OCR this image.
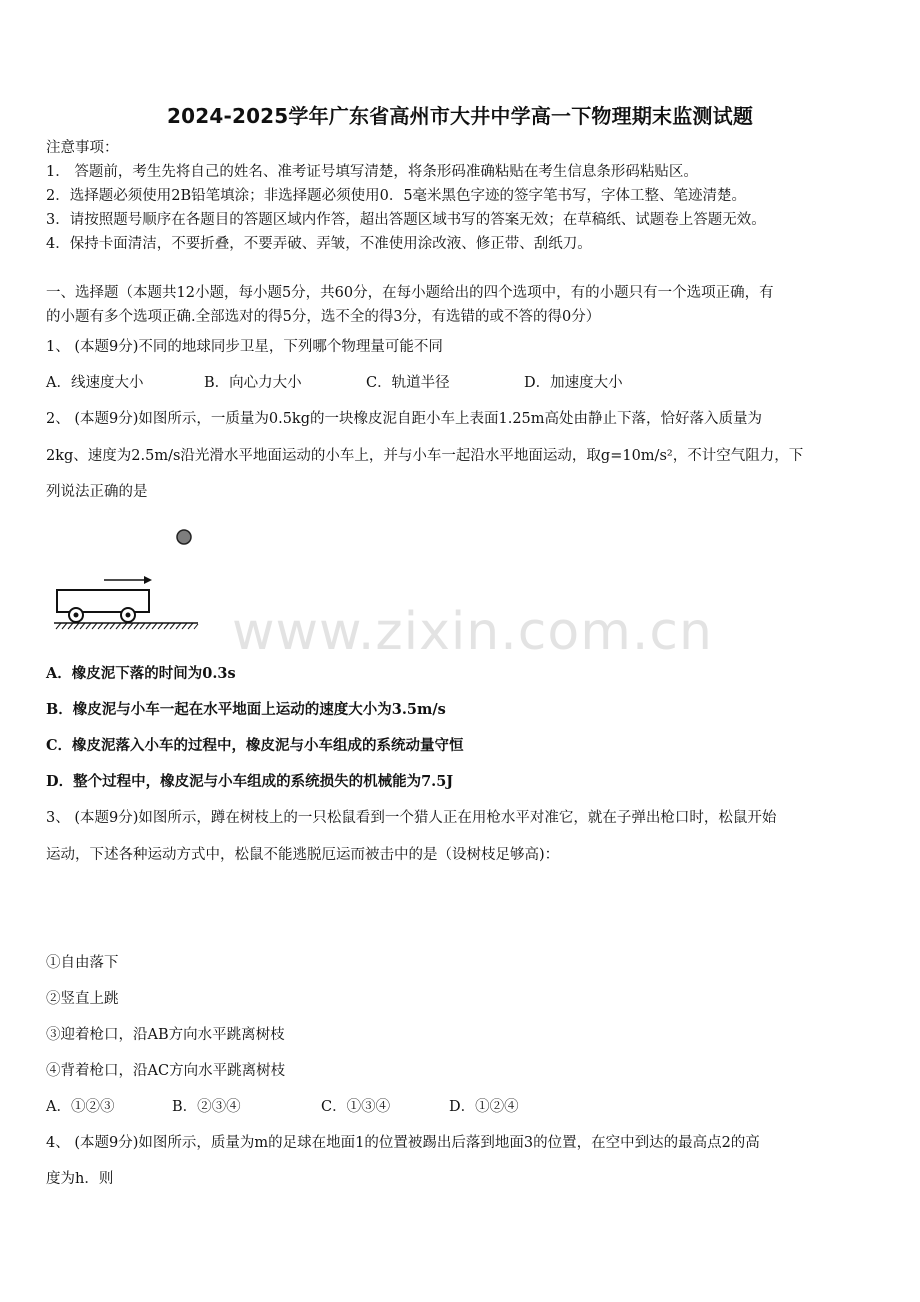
2024-2025学年广东省高州市大井中学高一下物理期末监测试题
注意事项：
1． 答题前，考生先将自己的姓名、准考证号填写清楚，将条形码准确粘贴在考生信息条形码粘贴区。
2．选择题必须使用2B铅笔填涂；非选择题必须使用0．5毫米黑色字迹的签字笔书写，字体工整、笔迹清楚。
3．请按照题号顺序在各题目的答题区域内作答，超出答题区域书写的答案无效；在草稿纸、试题卷上答题无效。
4．保持卡面清洁，不要折叠，不要弄破、弄皱，不准使用涂改液、修正带、刮纸刀。
一、选择题（本题共12小题，每小题5分，共60分，在每小题给出的四个选项中，有的小题只有一个选项正确，有
的小题有多个选项正确.全部选对的得5分，选不全的得3分，有选错的或不答的得0分）
1、 (本题9分)不同的地球同步卫星，下列哪个物理量可能不同
A．线速度大小	B．向心力大小	C．轨道半径	D．加速度大小
2、 (本题9分)如图所示，一质量为0.5kg的一块橡皮泥自距小车上表面1.25m高处由静止下落，恰好落入质量为
2kg、速度为2.5m/s沿光滑水平地面运动的小车上，并与小车一起沿水平地面运动，取g=10m/s²，不计空气阻力，下
列说法正确的是
www.zixin.com.cn
A．橡皮泥下落的时间为0.3s
B．橡皮泥与小车一起在水平地面上运动的速度大小为3.5m/s
C．橡皮泥落入小车的过程中，橡皮泥与小车组成的系统动量守恒
D．整个过程中，橡皮泥与小车组成的系统损失的机械能为7.5J
3、 (本题9分)如图所示，蹲在树枝上的一只松鼠看到一个猎人正在用枪水平对准它，就在子弹出枪口时，松鼠开始
运动，下述各种运动方式中，松鼠不能逃脱厄运而被击中的是（设树枝足够高)：
①自由落下
②竖直上跳
③迎着枪口，沿AB方向水平跳离树枝
④背着枪口，沿AC方向水平跳离树枝
A．①②③	B．②③④	C．①③④	D．①②④
4、 (本题9分)如图所示，质量为m的足球在地面1的位置被踢出后落到地面3的位置，在空中到达的最高点2的高
度为h．则
